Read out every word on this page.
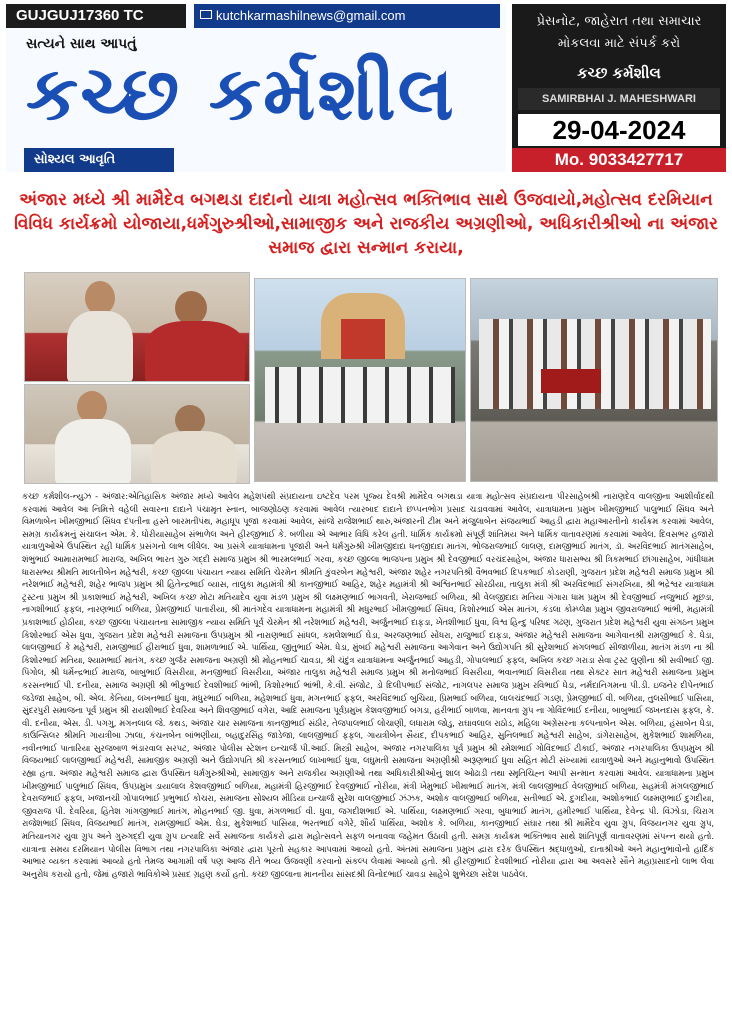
GUJGUJ17360 TC	kutchkarmashilnews@gmail.com
સત્યને સાથ આપતું
કચ્છ કર્મશીલ
સોશ્યલ આવૃતિ
પ્રેસનોટ, જાહેરાત તથા સમાચાર
મોકલવા માટે સંપર્ક કરો
કચ્છ કર્મશીલ
SAMIRBHAI J. MAHESHWARI
29-04-2024
Mo. 9033427717
અંજાર મધ્યે શ્રી મામૈદેવ બગથડા દાદાનો યાત્રા મહોત્સવ ભક્તિભાવ સાથે ઉજવાયો,મહોત્સવ દરમિયાન વિવિધ કાર્યક્રમો યોજાયા,ધર્મગુરુશ્રીઓ,સામાજીક અને રાજકીય અગ્રણીઓ, અધિકારીશ્રીઓ ના અંજાર સમાજ દ્વારા સન્માન કરાયા,
કચ્છ કર્મશીલ-ન્યુઝ - અંજાર:એતિહાસિક અંજાર મધ્યે આવેલ મહેશપંથી સંપ્રદાયના ઇષ્ટદેવ પરમ પૂજ્ય દેવશ્રી મામૈદેવ બગથડા યાત્રા મહોત્સવ સંપ્રદાયના પીરસાહેબશ્રી નારાણદેવ વાલજીના આશીર્વાદથી કરવામાં આવેલ આ નિમિત્તે વહેલી સવારના દાદાને પંચામૃત સ્નાન, બાજણોઠણ કરવામાં આવેલ ત્યારબાદ દાદાને છપ્પનભોગ પ્રસાદ ચડાવવામાં આવેલ, યાત્રાધામના પ્રમુખ ખીમજીભાઈ પાલુભાઈ સિંધવ અને વિમળાબેન ખીમજીભાઈ સિંધવ દંપતીના હસ્તે બારમતીપંથ, મહાધૂપ પૂજા કરવામાં આવેલ, સાંજે રાજેશભાઈ થારુ,અંજારની ટીમ અને મંજુલાબેન સંજયભાઈ આહડી દ્વારા મહાઆરતીનો કાર્યક્રમ કરવામાં આવેલ, સમગ્ર કાર્યક્રમનું સંચાલન એમ. કે. ધોરીયાસાહેબ સંભાળેલ અને હીરજીભાઈ કે. બળીયા એ આભાર વિધિ કરેલ હતી. ધાર્મિક કાર્યક્રમો સંપૂર્ણ શાંતિમય અને ધાર્મિક વાતાવરણમાં કરવામાં આવેલ. દિવસભર હજારો યાત્રાળુઓએ ઉપસ્થિત રહી ધાર્મિક પ્રસંગનો લાભ લીધેલ. આ પ્રસંગે યાત્રાધામના પૂજારી અને ધર્મગુરુશ્રી ખીમજીદાદા ધનજીદાદા માતંગ, ભોજરાજભાઈ લાલણ, દામજીભાઈ માતંગ, ડૉ. અરવિંદભાઈ માતંગસાહેબ, શંભુભાઈ આમારામભાઈ મારાજ, અખિલ ભારત ગુરુ ગદ્દી સમાજ પ્રમુખ શ્રી ભારમલભાઈ ગરવા, કચ્છ જીલ્લા ભાજપના પ્રમુખ શ્રી દેવજીભાઈ વરચંદસાહેબ, અંજાર ધારાસભ્ય શ્રી ત્રિકમભાઈ છાંગાસાહેબ, ગાંધીધામ ધારાસભ્ય શ્રીમતિ માલતીબેન મહેશ્વરી, કચ્છ જીલ્લા પંચાયત ન્યાય સમિતિ ચેરમેન શ્રીમતિ કુંવરબેન મહેશ્વરી, અંજાર શહેર નગરપતિશ્રી વૈભવભાઈ દિપકભાઈ કોડરાણી, ગુજરાત પ્રદેશ મહેશ્વરી સમાજ પ્રમુખ શ્રી નરેશભાઈ મહેશ્વરી, શહેર ભાજપ પ્રમુખ શ્રી હિતેન્દ્રભાઈ વ્યાસ, તાલુકા મહામંત્રી શ્રી કાનજીભાઈ આહિર, શહેર મહામંત્રી શ્રી અશ્વિનભાઈ સોરઠીયા, તાલુકા મંત્રી શ્રી અરવિંદભાઈ સંગરખિયા, શ્રી ભદ્રેશ્વર યાત્રાધામ ટ્રસ્ટના પ્રમુખ શ્રી પ્રકાશભાઈ મહેશ્વરી, અખિલ કચ્છ મોટા મતિયાદેવ યુવા મંડળ પ્રમુખ શ્રી લક્ષ્મણભાઈ ભાગવતી, ખેરાજભાઈ બળિયા, શ્રી વેલજીદાદા મતિયા ગંગારા ધામ પ્રમુખ શ્રી દેવજીભાઈ નજુભાઈ મૂછડા, નાગશીભાઈ ફફલ, નારણભાઈ બળિયા, પ્રેમજીભાઈ પાતારીયા, શ્રી માતંગદેવ યાત્રાધામના મહામંત્રી શ્રી મધુરભાઈ ખીમજીભાઈ સિંધવ, કિશોરભાઈ એસ માતંગ, કંડલા કોમ્પ્લેક્ષ પ્રમુખ જીવરાજભાઈ ભાંભી, મહામંત્રી પ્રકાશભાઈ હોઠીયા, કચ્છ જીલ્લા પંચાયતના સામાજીક ન્યાય સમિતિ પૂર્વ ચેરમેન શ્રી નરેશભાઈ મહેશ્વરી, અર્જુનભાઈ દાફડા, ખેતશીભાઈ ધુવા, વિશ્વ હિન્દુ પરિષદ ગઢણ, ગુજરાત પ્રદેશ મહેશ્વરી યુવા સંગઠન પ્રમુખ કિશોરભાઈ એસ ધુવા, ગુજરાત પ્રદેશ મહેશ્વરી સમાજના ઉપપ્રમુખ શ્રી નારાણભાઈ સાંધલ, કમલેશભાઈ ઘેડા, અરજણભાઈ સોંધરા, રાજુભાઈ દાફડા, અંજાર મહેશ્વરી સમાજના આગેવાનશ્રી રામજીભાઈ કે. ધેડા, લાલજીભાઈ કે મહેશ્વરી, રામજીભાઈ હીરાભાઈ ધુવા, શામળાભાઈ એ. પાર્થિયા, જીતુભાઈ એમ. ધેડા, મુંબઈ મહેશ્વરી સમાજના આગેવાન અને ઉદ્યોગપતિ શ્રી સુરેશભાઈ મંગલભાઈ સીજાળીયા, માતંગ મંડળ ના શ્રી કિશોરભાઈ મતિયા, શ્યામભાઈ માતંગ, કચ્છ ગુર્જર સમાજના અગ્રણી શ્રી મોહનભાઈ ચાવડા, શ્રી ચંદુંત્ર યાત્રાધામના અર્જુનભાઈ આહડી, ગોપાલભાઈ ફફલ, અખિલ કચ્છ ગરાડા સેવા ટ્રસ્ટ લુણીના શ્રી સવીભાઈ જી. પિંગોલ, શ્રી ધર્મેન્દ્રભાઈ મારાજ, બાબુભાઈ વિસરીયા, મનજીભાઈ વિસરીયા, અંજાર તાલુકા મહેશ્વરી સમાજ પ્રમુખ શ્રી મનોજભાઈ વિસરીયા, ભવાનભાઈ વિસરીયા તથા સેક્ટર સાત મહેશ્વરી સમાજના પ્રમુખ કરસનભાઈ પી. દનીયા, સમાજ અગ્રણી શ્રી ભીકુભાઈ દેવશીભાઈ ભાંભી, કિશોરભાઈ ભાંભી, કે.વી. સંજોટ, ડો દિલીપભાઈ સંજોટ, નાગલપર સમાજ પ્રમુખ રવિભાઈ ધેડા, નર્મદાનિગમના પી.ડી. ઇજનેર દીપેનભાઈ જડેજા સાહેબ, બી. એલ. કેનિયા, લખનભાઈ ધુવા, મધુરભાઈ બળિયા, મહેશભાઈ ધુવા, મગનભાઈ ફફલ, અરવિંદભાઈ બુચિયા, પ્રિમભાઈ બળિયા, લાલચંદભાઈ ગડણ, પ્રેમજીભાઈ વી. બળિયા, તુલસીભાઈ પાસિયા, સુંદરપુરી સમાજના પૂર્વ પ્રમુખ શ્રી રાયશીભાઈ દેવરિયા અને શિવજીભાઈ વગેરા, આદિ સમાજના પૂર્વપ્રમુખ કેશવજીભાઈ બગડા, હરીભાઈ બાળવા, માનવતા ગ્રુપ ના ગોવિંદભાઈ દનીયા, બાબુભાઈ જખનદાસ ફફલ, કે. વી. દનીયા, એસ. ડી. પગગુ, મગનલાલ જે. કથડ, અંજાર ચાર સમાજના કાનજીભાઈ સંઠીર, તેજપાલભાઈ લોચાણી, લધારામ જોડુ, રાઘાવલાલ રાઠોડ, મહિલા અગ્રેસરના કલ્પનાબેન એસ. બળિયા, હંસાબેન ધેડા, કાઉન્સિલર શ્રીમતિ ગાયત્રીબા ઝાલા, કંચનબેન બાંભણીયા, બહાદુરસિંહ જાડેજા, લાલજીભાઈ ફફલ, ગાયત્રીબેન સૈયદ, દીપકભાઈ આહિર, સુનિલભાઈ મહેશ્વરી સાહેબ, ડાંગેરાસાહેબ, મુકેશભાઈ શામળિયા, નવીનભાઈ પાતારિયા સુરજબાળ ભંડારવાલ સરપટ, અંજાર પોલીસ સ્ટેશન ઇન્ચાર્જ પી.આઈ. મિસ્ત્રી સાહેબ, અંજાર નગરપાલિકા પૂર્વ પ્રમુખ શ્રી રમેશભાઈ ગોવિંદભાઈ ટીકાઈ, અંજાર નગરપાલિકા ઉપપ્રમુખ શ્રી વિજયભાઈ લાલજીભાઈ મહેશ્વરી, સામાજીક અગ્રણી અને ઉદ્યોગપતિ શ્રી કરસનભાઈ લાખાભાઈ ધુવા, લઘુમતી સમાજના અગ્રણીશ્રી અરૂણભાઈ ધુવા સહિત મોટી સંખ્યામાં યાત્રાળુઓ અને મહાનુભાવો ઉપસ્થિત રહ્યા હતા. અંજાર મહેશ્વરી સમાજ દ્વારા ઉપસ્થિત ધર્મગુરુશ્રીઓ, સામાજીક અને રાજકીય અગ્રણીઓ તથા અધિકારીશ્રીઓનું શાલ ઓઢાડી તથા સ્મૃતિચિહ્ન આપી સન્માન કરવામાં આવેલ. યાત્રાધામના પ્રમુખ ખીમજીભાઈ પાલુભાઈ સિંધવ, ઉપપ્રમુખ ડાયાલાલ કેશવજીભાઈ બળિયા, મહામંત્રી હિરજીભાઈ દેવજીભાઈ નોરીયા, મંત્રી ખેમુભાઈ ખીમાભાઈ માતંગ, મંત્રી લાલજીભાઈ વેલજીભાઈ બળિયા, સહમંત્રી મંગલજીભાઈ દેવરાજભાઈ ફફલ, ખજાનચી ગોપાલભાઈ પ્રભુભાઈ કોચરા, સમાજના સોશ્યલ મીડિયા ઇન્ચાર્જ સુરેશ વાલજીભાઈ ઝંઝક, અશોક વાલજીભાઈ બળિયા, સતીભાઈ એ. દુગદીયા, અશોકભાઈ લક્ષ્મણભાઈ દુગદીયા, જીવરાજ પી. દેવરિયા, હિતેશ ગાંગજીભાઈ માતંગ, મોહનભાઈ જી. ધુવા, મંગળભાઈ વી. ધુવા, જગદીશભાઈ એ. પાર્થિયા, લક્ષ્મણભાઈ ગરવા, બુધાભાઈ માતંગ, હમીરભાઈ પાર્થિયા, દેવેન્દ્ર પી. વિંઝોડા, ચિરાગ રાજેશભાઈ સિંધવ, વિજયભાઈ માતંગ, રામજીભાઈ એમ. ઘેડા, મુકેશભાઈ પાસિયા, ભરતભાઈ વગેરે, શૌર્ય પાર્થિયા, અશોક કે. બળિયા, કાનજીભાઈ સંઘાર તથા શ્રી મામૈદેવ યુવા ગ્રુપ, વિજયનગર યુવા ગ્રુપ, મતિયાનગર યુવા ગ્રુપ અને ગુરુગદ્દી યુવા ગ્રુપ ઇત્યાદિ સર્વે સમાજના કાર્યકરો દ્વારા મહોત્સવને સફળ બનાવવા જહેમત ઉઠાવી હતી. સમગ્ર કાર્યક્રમ ભક્તિભાવ સાથે શાંતિપૂર્ણ વાતાવરણમાં સંપન્ન થયો હતો. યાત્રાના સમય દરમિયાન પોલીસ વિભાગ તથા નગરપાલિકા અંજાર દ્વારા પૂરતો સહકાર આપવામાં આવ્યો હતો. અંતમાં સમાજના પ્રમુખ દ્વારા દરેક ઉપસ્થિત શ્રદ્ધાળુઓ, દાતાશ્રીઓ અને મહાનુભાવોનો હાર્દિક આભાર વ્યક્ત કરવામાં આવ્યો હતો તેમજ આગામી વર્ષે પણ આજ રીતે ભવ્ય ઉજવણી કરવાનો સંકલ્પ લેવામાં આવ્યો હતો. શ્રી હીરજીભાઈ દેવશીભાઈ નોરીયા દ્વારા આ અવસરે સૌને મહાપ્રસાદનો લાભ લેવા અનુરોધ કરાયો હતો, જેમાં હજારો ભાવિકોએ પ્રસાદ ગ્રહણ કર્યો હતો. કચ્છ જીલ્લાના માનનીય સાંસદશ્રી વિનોદભાઈ ચાવડા સાહેબે શુભેચ્છા સંદેશ પાઠવેલ.
